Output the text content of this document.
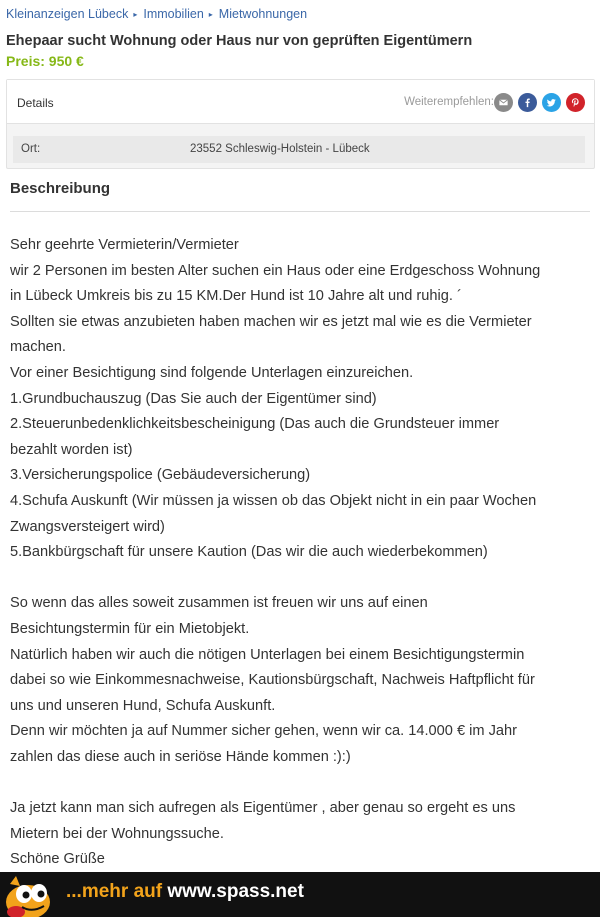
Kleinanzeigen Lübeck ▸ Immobilien ▸ Mietwohnungen
Ehepaar sucht Wohnung oder Haus nur von geprüften Eigentümern
Preis: 950 €
Details	Weiterempfehlen:
Ort:	23552 Schleswig-Holstein - Lübeck
Beschreibung
Sehr geehrte Vermieterin/Vermieter
wir 2 Personen im besten Alter suchen ein Haus oder eine Erdgeschoss Wohnung
in Lübeck Umkreis bis zu 15 KM.Der Hund ist 10 Jahre alt und ruhig. ´
Sollten sie etwas anzubieten haben machen wir es jetzt mal wie es die Vermieter
machen.
Vor einer Besichtigung sind folgende Unterlagen einzureichen.
1.Grundbuchauszug (Das Sie auch der Eigentümer sind)
2.Steuerunbedenklichkeitsbescheinigung (Das auch die Grundsteuer immer
bezahlt worden ist)
3.Versicherungspolice (Gebäudeversicherung)
4.Schufa Auskunft (Wir müssen ja wissen ob das Objekt nicht in ein paar Wochen
Zwangsversteigert wird)
5.Bankbürgschaft für unsere Kaution (Das wir die auch wiederbekommen)
So wenn das alles soweit zusammen ist freuen wir uns auf einen
Besichtungstermin für ein Mietobjekt.
Natürlich haben wir auch die nötigen Unterlagen bei einem Besichtigungstermin
dabei so wie Einkommesnachweise, Kautionsbürgschaft, Nachweis Haftpflicht für
uns und unseren Hund, Schufa Auskunft.
Denn wir möchten ja auf Nummer sicher gehen, wenn wir ca. 14.000 € im Jahr
zahlen das diese auch in seriöse Hände kommen :):)
Ja jetzt kann man sich aufregen als Eigentümer , aber genau so ergeht es uns
Mietern bei der Wohnungssuche.
Schöne Grüße
...mehr auf www.spass.net
